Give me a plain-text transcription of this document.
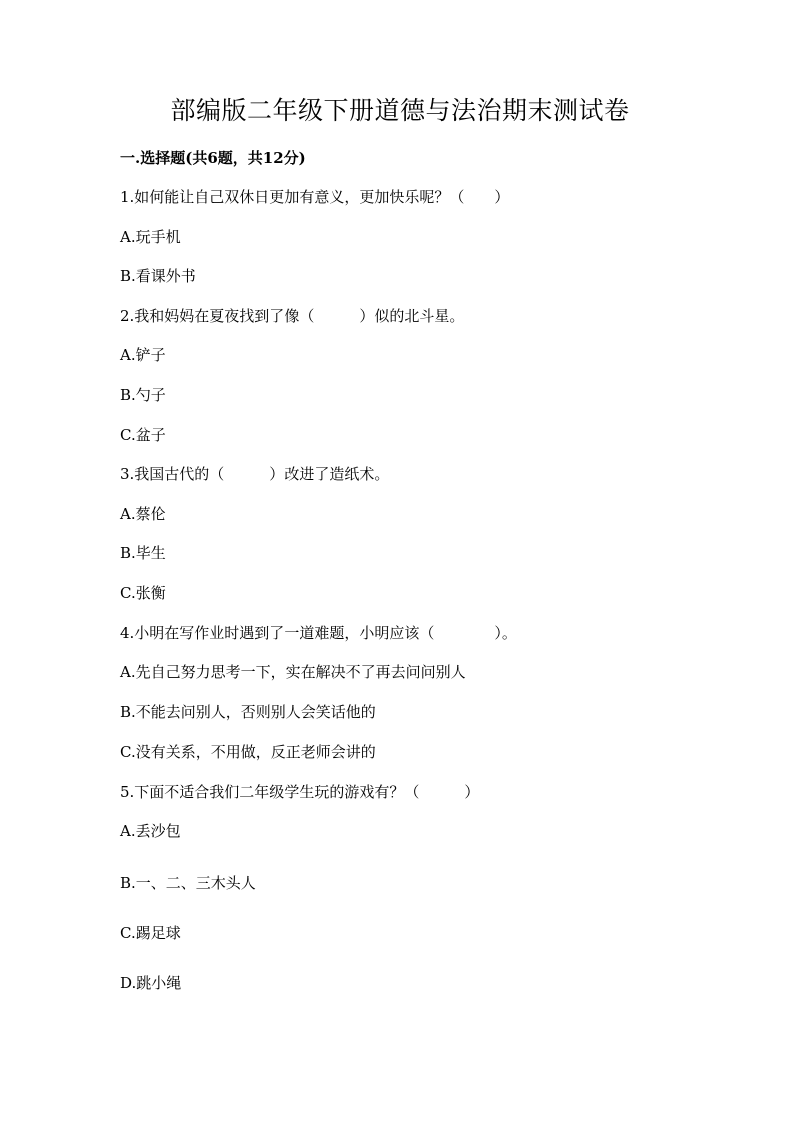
部编版二年级下册道德与法治期末测试卷
一.选择题(共6题，共12分)
1.如何能让自己双休日更加有意义，更加快乐呢？（　　）
A.玩手机
B.看课外书
2.我和妈妈在夏夜找到了像（　　　）似的北斗星。
A.铲子
B.勺子
C.盆子
3.我国古代的（　　　）改进了造纸术。
A.蔡伦
B.毕生
C.张衡
4.小明在写作业时遇到了一道难题，小明应该（　　　　）。
A.先自己努力思考一下，实在解决不了再去问问别人
B.不能去问别人，否则别人会笑话他的
C.没有关系，不用做，反正老师会讲的
5.下面不适合我们二年级学生玩的游戏有？（　　　）
A.丢沙包
B.一、二、三木头人
C.踢足球
D.跳小绳
